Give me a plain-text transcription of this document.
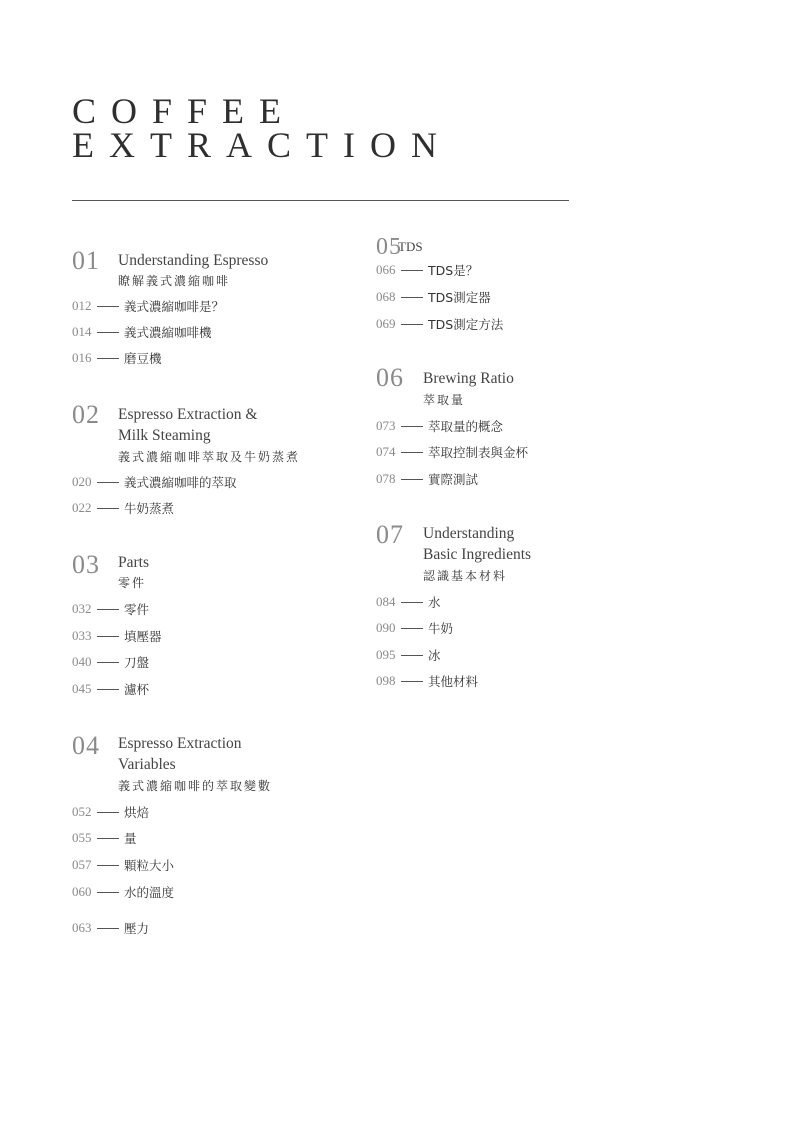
COFFEE
EXTRACTION
01 Understanding Espresso
瞭解義式濃縮咖啡
012	義式濃縮咖啡是？
014	義式濃縮咖啡機
016	磨豆機
02 Espresso Extraction &
Milk Steaming
義式濃縮咖啡萃取及牛奶蒸煮
020	義式濃縮咖啡的萃取
022	牛奶蒸煮
03 Parts
零件
032	零件
033	填壓器
040	刀盤
045	濾杯
04 Espresso Extraction
Variables
義式濃縮咖啡的萃取變數
052	烘焙
055	量
057	顆粒大小
060	水的溫度
063	壓力
05
TDS
066	TDS是？
068	TDS測定器
069	TDS測定方法
06 Brewing Ratio
萃取量
073	萃取量的概念
074	萃取控制表與金杯
078	實際測試
07 Understanding
Basic Ingredients
認識基本材料
084	水
090	牛奶
095	冰
098	其他材料
